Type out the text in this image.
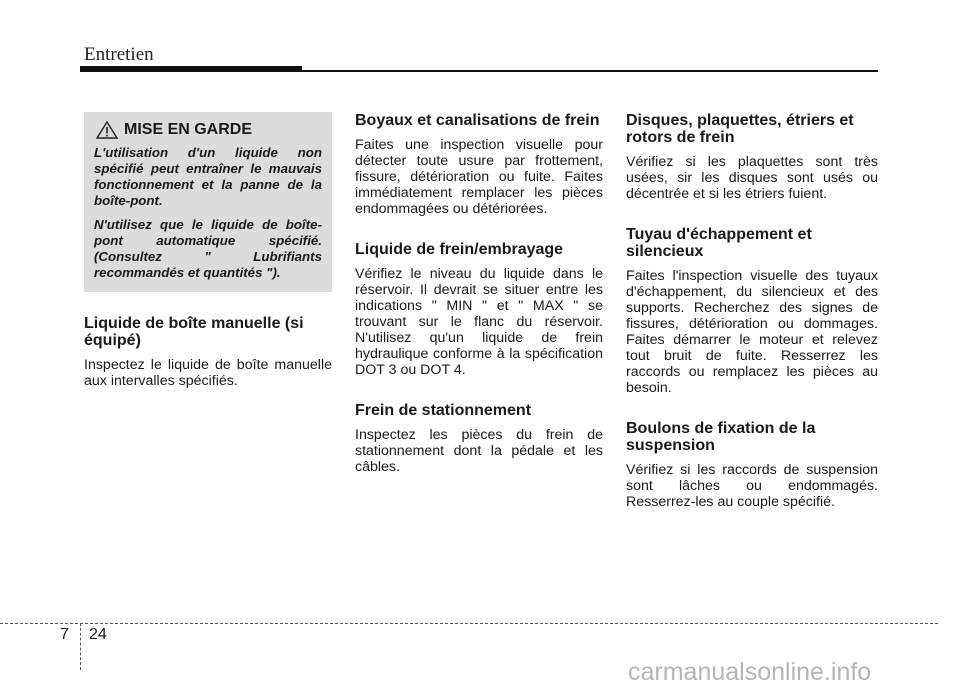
Entretien
MISE EN GARDE

L'utilisation d'un liquide non spécifié peut entraîner le mauvais fonctionnement et la panne de la boîte-pont.

N'utilisez que le liquide de boîte-pont automatique spécifié. (Consultez " Lubrifiants recommandés et quantités ").

Liquide de boîte manuelle (si équipé)

Inspectez le liquide de boîte manuelle aux intervalles spécifiés.

Boyaux et canalisations de frein

Faites une inspection visuelle pour détecter toute usure par frottement, fissure, détérioration ou fuite. Faites immédiatement remplacer les pièces endommagées ou détériorées.

Liquide de frein/embrayage

Vérifiez le niveau du liquide dans le réservoir. Il devrait se situer entre les indications " MIN " et " MAX " se trouvant sur le flanc du réservoir. N'utilisez qu'un liquide de frein hydraulique conforme à la spécification DOT 3 ou DOT 4.

Frein de stationnement

Inspectez les pièces du frein de stationnement dont la pédale et les câbles.

Disques, plaquettes, étriers et rotors de frein

Vérifiez si les plaquettes sont très usées, sir les disques sont usés ou décentrée et si les étriers fuient.

Tuyau d'échappement et silencieux

Faites l'inspection visuelle des tuyaux d'échappement, du silencieux et des supports. Recherchez des signes de fissures, détérioration ou dommages. Faites démarrer le moteur et relevez tout bruit de fuite. Resserrez les raccords ou remplacez les pièces au besoin.

Boulons de fixation de la suspension

Vérifiez si les raccords de suspension sont lâches ou endommagés. Resserrez-les au couple spécifié.

7 24
carmanualsonline.info
